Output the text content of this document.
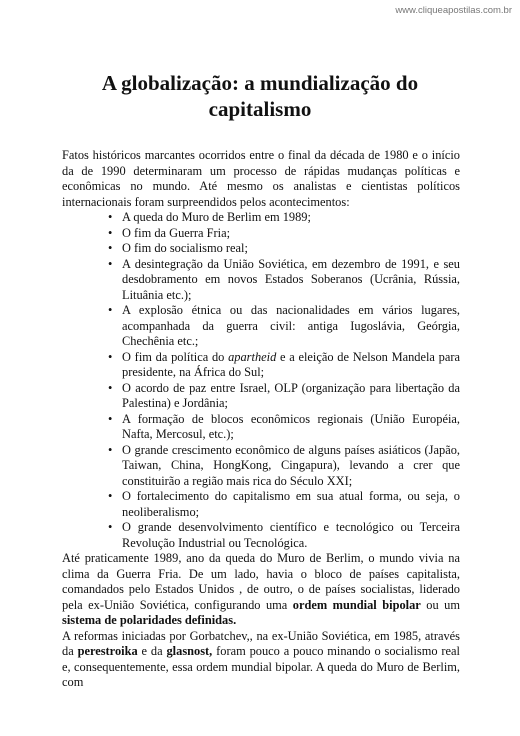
www.cliqueapostilas.com.br
A globalização: a mundialização do
capitalismo

Fatos históricos marcantes ocorridos entre o final da década de 1980 e o início da de 1990 determinaram um processo de rápidas mudanças políticas e econômicas no mundo. Até mesmo os analistas e cientistas políticos internacionais foram surpreendidos pelos acontecimentos:

• A queda do Muro de Berlim em 1989;
• O fim da Guerra Fria;
• O fim do socialismo real;
• A desintegração da União Soviética, em dezembro de 1991, e seu desdobramento em novos Estados Soberanos (Ucrânia, Rússia, Lituânia etc.);
• A explosão étnica ou das nacionalidades em vários lugares, acompanhada da guerra civil: antiga Iugoslávia, Geórgia, Chechênia etc.;
• O fim da política do apartheid e a eleição de Nelson Mandela para presidente, na África do Sul;
• O acordo de paz entre Israel, OLP (organização para libertação da Palestina) e Jordânia;
• A formação de blocos econômicos regionais (União Européia, Nafta, Mercosul, etc.);
• O grande crescimento econômico de alguns países asiáticos (Japão, Taiwan, China, HongKong, Cingapura), levando a crer que constituirão a região mais rica do Século XXI;
• O fortalecimento do capitalismo em sua atual forma, ou seja, o neoliberalismo;
• O grande desenvolvimento científico e tecnológico ou Terceira Revolução Industrial ou Tecnológica.

Até praticamente 1989, ano da queda do Muro de Berlim, o mundo vivia na clima da Guerra Fria. De um lado, havia o bloco de países capitalista, comandados pelo Estados Unidos , de outro, o de países socialistas, liderado pela ex-União Soviética, configurando uma ordem mundial bipolar ou um sistema de polaridades definidas.

A reformas iniciadas por Gorbatchev,, na ex-União Soviética, em 1985, através da perestroika e da glasnost, foram pouco a pouco minando o socialismo real e, consequentemente, essa ordem mundial bipolar. A queda do Muro de Berlim, com
